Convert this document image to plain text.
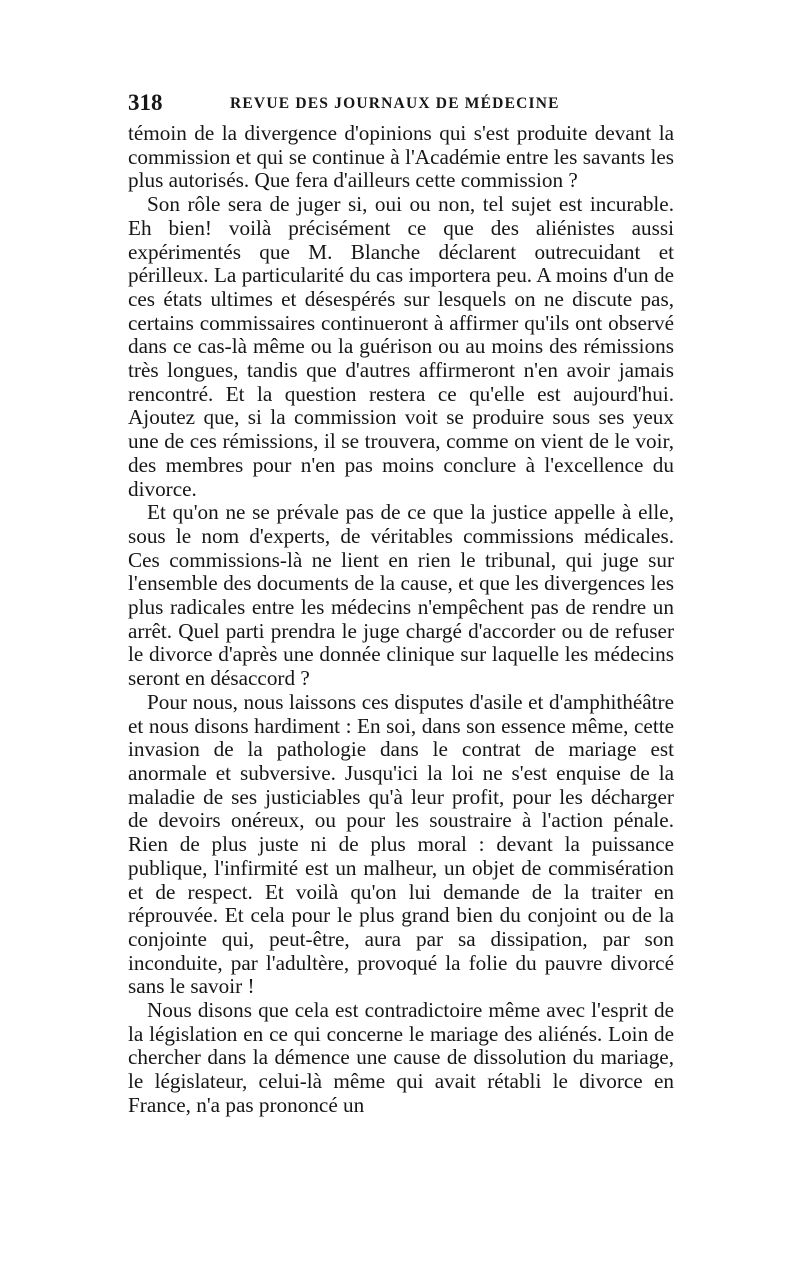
318	REVUE DES JOURNAUX DE MÉDECINE

témoin de la divergence d'opinions qui s'est produite devant la commission et qui se continue à l'Académie entre les savants les plus autorisés. Que fera d'ailleurs cette commission ?

Son rôle sera de juger si, oui ou non, tel sujet est incurable. Eh bien! voilà précisément ce que des aliénistes aussi expérimentés que M. Blanche déclarent outrecuidant et périlleux. La particularité du cas importera peu. A moins d'un de ces états ultimes et désespérés sur lesquels on ne discute pas, certains commissaires continueront à affirmer qu'ils ont observé dans ce cas-là même ou la guérison ou au moins des rémissions très longues, tandis que d'autres affirmeront n'en avoir jamais rencontré. Et la question restera ce qu'elle est aujourd'hui. Ajoutez que, si la commission voit se produire sous ses yeux une de ces rémissions, il se trouvera, comme on vient de le voir, des membres pour n'en pas moins conclure à l'excellence du divorce.

Et qu'on ne se prévale pas de ce que la justice appelle à elle, sous le nom d'experts, de véritables commissions médicales. Ces commissions-là ne lient en rien le tribunal, qui juge sur l'ensemble des documents de la cause, et que les divergences les plus radicales entre les médecins n'empêchent pas de rendre un arrêt. Quel parti prendra le juge chargé d'accorder ou de refuser le divorce d'après une donnée clinique sur laquelle les médecins seront en désaccord ?

Pour nous, nous laissons ces disputes d'asile et d'amphithéâtre et nous disons hardiment : En soi, dans son essence même, cette invasion de la pathologie dans le contrat de mariage est anormale et subversive. Jusqu'ici la loi ne s'est enquise de la maladie de ses justiciables qu'à leur profit, pour les décharger de devoirs onéreux, ou pour les soustraire à l'action pénale. Rien de plus juste ni de plus moral : devant la puissance publique, l'infirmité est un malheur, un objet de commisération et de respect. Et voilà qu'on lui demande de la traiter en réprouvée. Et cela pour le plus grand bien du conjoint ou de la conjointe qui, peut-être, aura par sa dissipation, par son inconduite, par l'adultère, provoqué la folie du pauvre divorcé sans le savoir !

Nous disons que cela est contradictoire même avec l'esprit de la législation en ce qui concerne le mariage des aliénés. Loin de chercher dans la démence une cause de dissolution du mariage, le législateur, celui-là même qui avait rétabli le divorce en France, n'a pas prononcé un
